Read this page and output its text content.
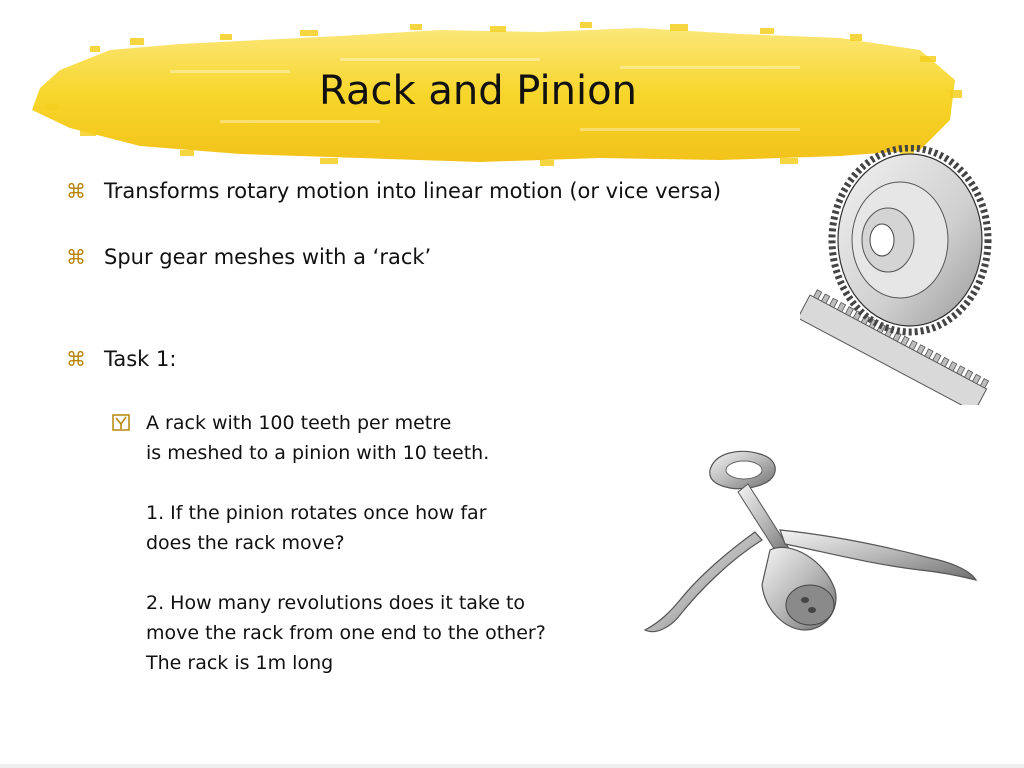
Rack and Pinion
⌘ Transforms rotary motion into linear motion (or vice versa)
⌘ Spur gear meshes with a ‘rack’
⌘ Task 1:
A rack with 100 teeth per metre
is meshed to a pinion with 10 teeth.
1. If the pinion rotates once how far
does the rack move?
2. How many revolutions does it take to
move the rack from one end to the other?
The rack is 1m long
